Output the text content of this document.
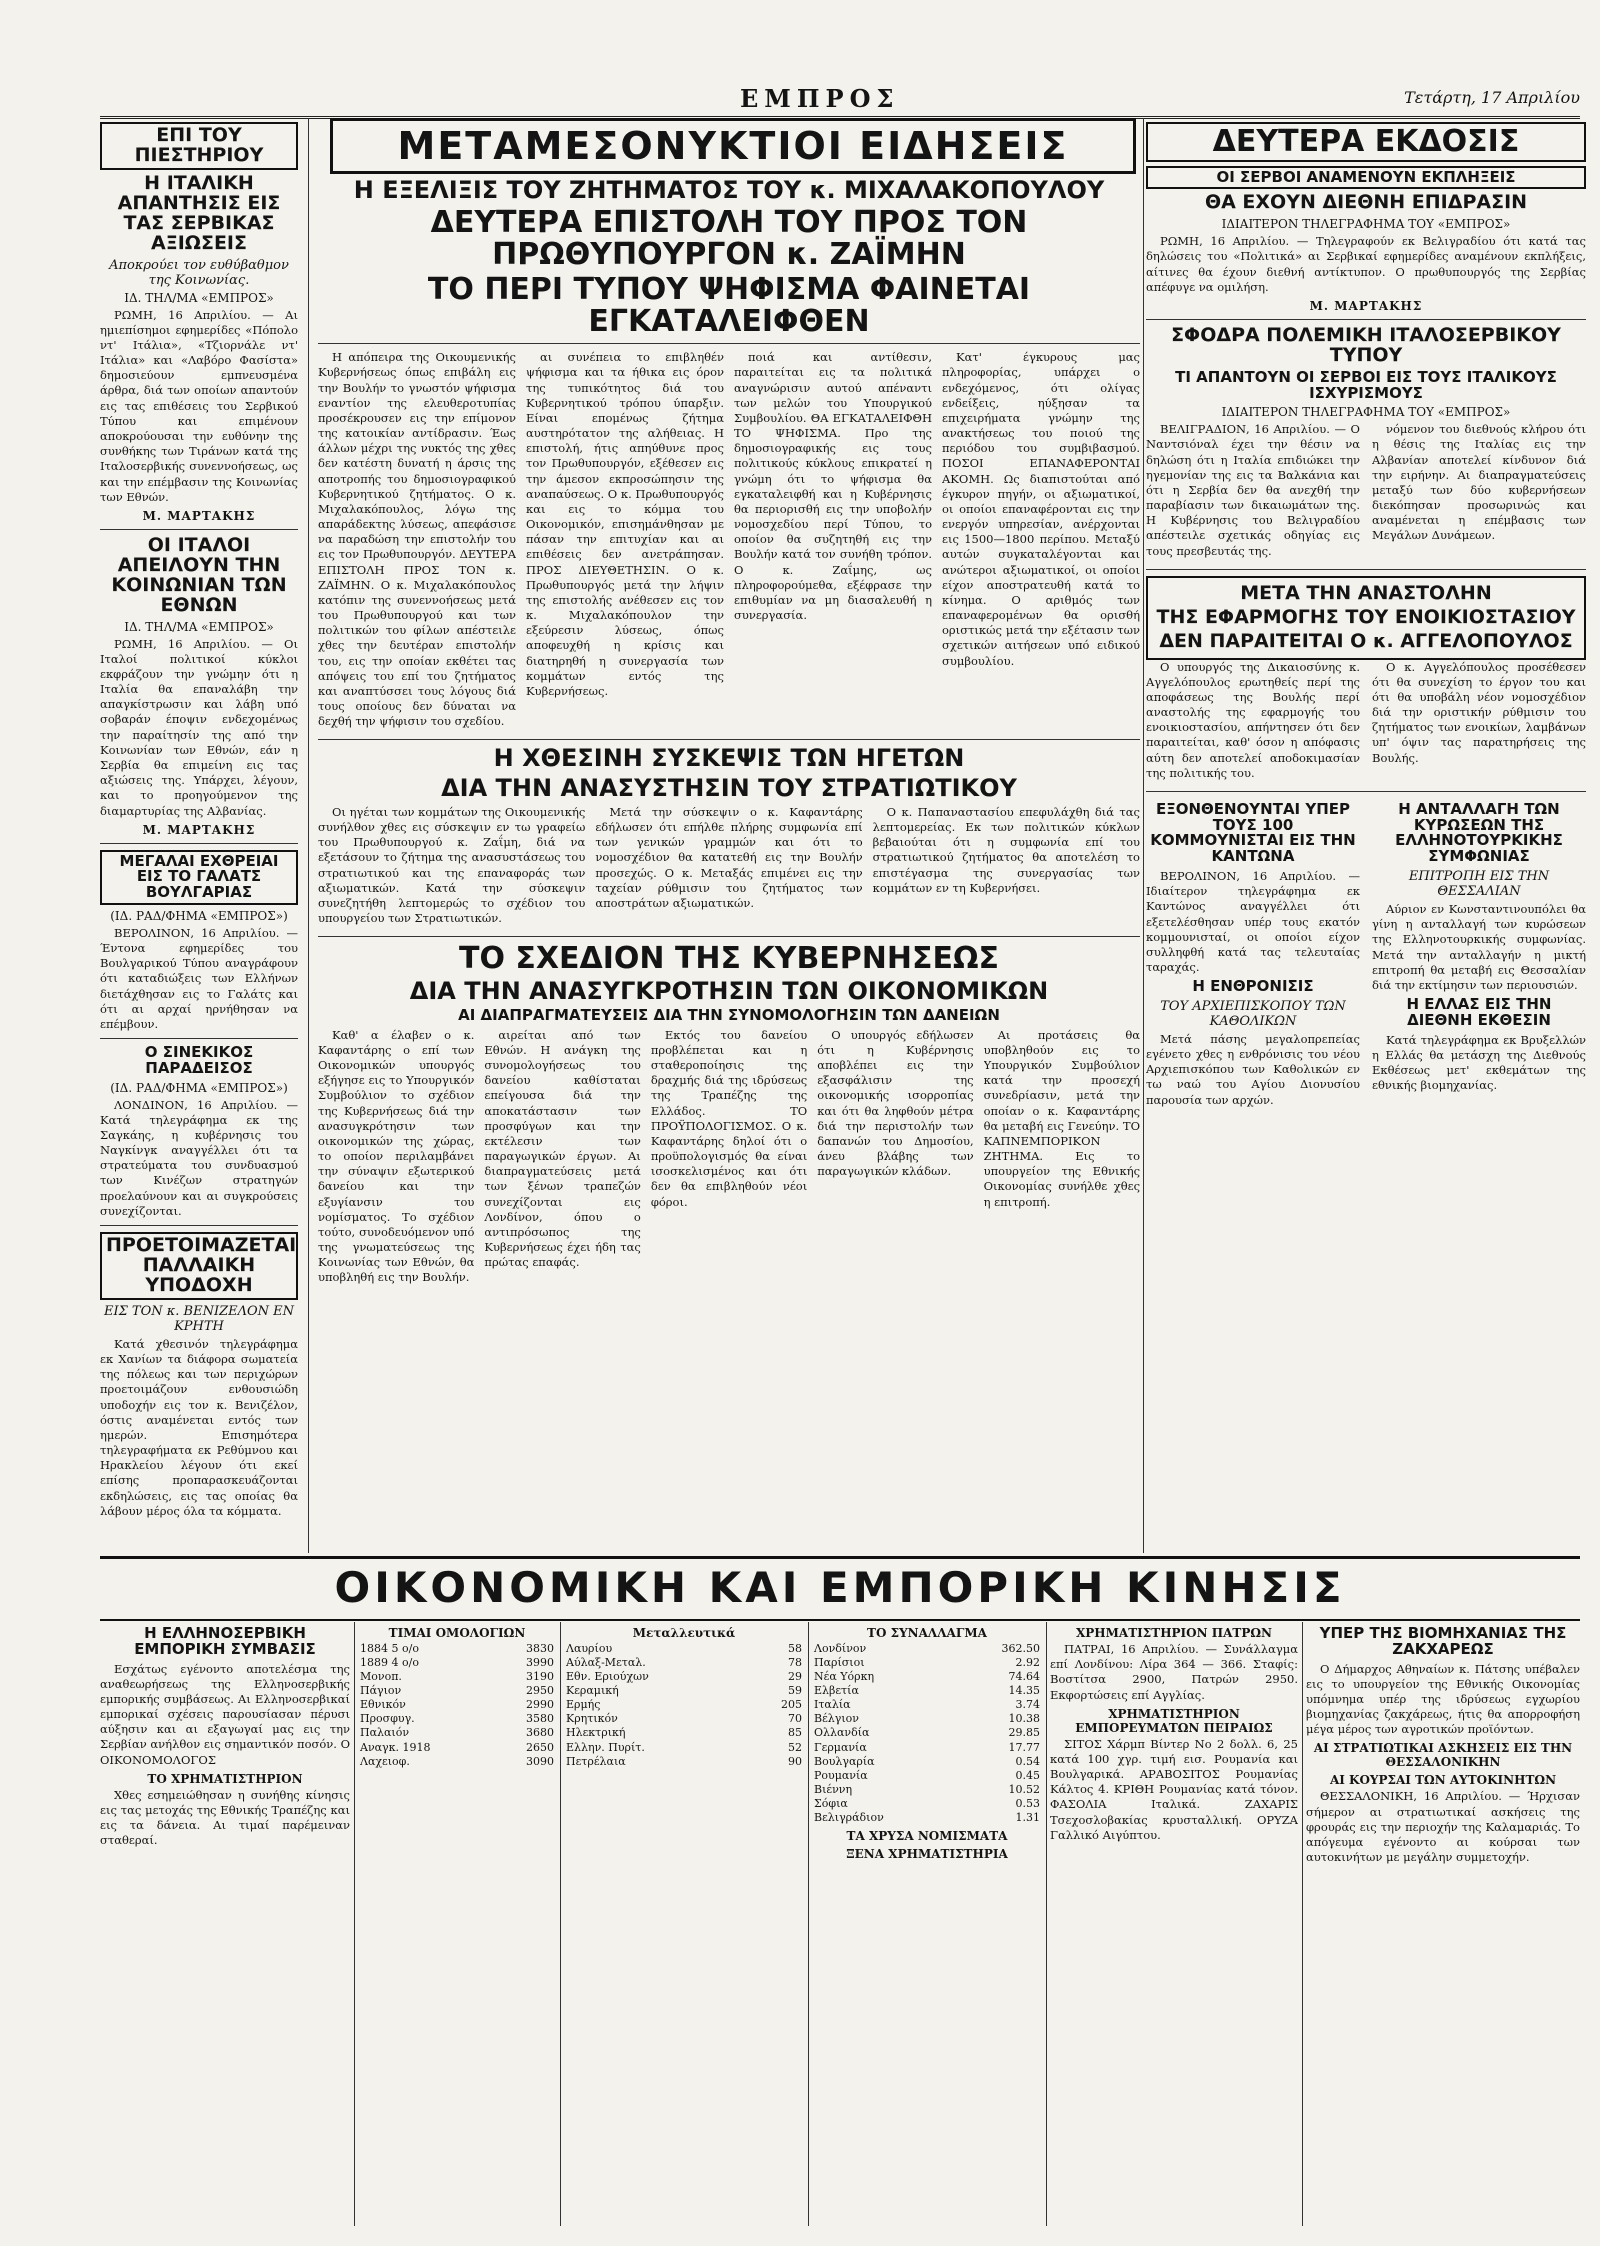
ΕΜΠΡΟΣ	Τετάρτη, 17 Απριλίου
ΕΠΙ ΤΟΥ ΠΙΕΣΤΗΡΙΟΥ
Η ΙΤΑΛΙΚΗ ΑΠΑΝΤΗΣΙΣ ΕΙΣ ΤΑΣ ΣΕΡΒΙΚΑΣ ΑΞΙΩΣΕΙΣ
Αποκρούει τον ευθύβαθμον της Κοινωνίας.
ΙΔ. ΤΗΛ/ΜΑ «ΕΜΠΡΟΣ»

ΡΩΜΗ, 16 Απριλίου. — Αι ημιεπίσημοι εφημερίδες «Πόπολο ντ' Ιτάλια», «Τζιορνάλε ντ' Ιτάλια» και «Λαβόρο Φασίστα» δημοσιεύουν εμπνευσμένα άρθρα, διά των οποίων απαντούν εις τας επιθέσεις του Σερβικού Τύπου και επιμένουν αποκρούουσαι την ευθύνην της συνθήκης των Τιράνων κατά της Ιταλοσερβικής συνεννοήσεως, ως και την επέμβασιν της Κοινωνίας των Εθνών.

Μ. ΜΑΡΤΑΚΗΣ
ΟΙ ΙΤΑΛΟΙ ΑΠΕΙΛΟΥΝ ΤΗΝ ΚΟΙΝΩΝΙΑΝ ΤΩΝ ΕΘΝΩΝ
ΙΔ. ΤΗΛ/ΜΑ «ΕΜΠΡΟΣ»

ΡΩΜΗ, 16 Απριλίου. — Οι Ιταλοί πολιτικοί κύκλοι εκφράζουν την γνώμην ότι η Ιταλία θα επαναλάβη την απαγκίστρωσιν και λάβη υπό σοβαράν έποψιν ενδεχομένως την παραίτησίν της από την Κοινωνίαν των Εθνών, εάν η Σερβία θα επιμείνη εις τας αξιώσεις της. Υπάρχει, λέγουν, και το προηγούμενον της διαμαρτυρίας της Αλβανίας.

Μ. ΜΑΡΤΑΚΗΣ
ΜΕΓΑΛΑΙ ΕΧΘΡΕΙΑΙ ΕΙΣ ΤΟ ΓΑΛΑΤΣ ΒΟΥΛΓΑΡΙΑΣ
(ΙΔ. ΡΑΔ/ΦΗΜΑ «ΕΜΠΡΟΣ»)

ΒΕΡΟΛΙΝΟΝ, 16 Απριλίου. — Έντονα εφημερίδες του Βουλγαρικού Τύπου αναγράφουν ότι καταδιώξεις των Ελλήνων διετάχθησαν εις το Γαλάτς και ότι αι αρχαί ηρνήθησαν να επέμβουν.

Ο ΣΙΝΕΚΙΚΟΣ ΠΑΡΑΔΕΙΣΟΣ
(ΙΔ. ΡΑΔ/ΦΗΜΑ «ΕΜΠΡΟΣ»)

ΛΟΝΔΙΝΟΝ, 16 Απριλίου. — Κατά τηλεγράφημα εκ της Σαγκάης, η κυβέρνησις του Ναγκίνγκ αναγγέλλει ότι τα στρατεύματα του συνδυασμού των Κινέζων στρατηγών προελαύνουν και αι συγκρούσεις συνεχίζονται.

ΠΡΟΕΤΟΙΜΑΖΕΤΑΙ ΠΑΛΛΑΙΚΗ ΥΠΟΔΟΧΗ
ΕΙΣ ΤΟΝ κ. ΒΕΝΙΖΕΛΟΝ ΕΝ ΚΡΗΤΗ

Κατά χθεσινόν τηλεγράφημα εκ Χανίων τα διάφορα σωματεία της πόλεως και των περιχώρων προετοιμάζουν ενθουσιώδη υποδοχήν εις τον κ. Βενιζέλον, όστις αναμένεται εντός των ημερών. Επισημότερα τηλεγραφήματα εκ Ρεθύμνου και Ηρακλείου λέγουν ότι εκεί επίσης προπαρασκευάζονται εκδηλώσεις, εις τας οποίας θα λάβουν μέρος όλα τα κόμματα.

Η ΕΞΕΛΙΞΙΣ ΤΟΥ ΖΗΤΗΜΑΤΟΣ ΤΟΥ κ. ΜΙΧΑΛΑΚΟΠΟΥΛΟΥ
ΔΕΥΤΕΡΑ ΕΠΙΣΤΟΛΗ ΤΟΥ ΠΡΟΣ ΤΟΝ ΠΡΩΘΥΠΟΥΡΓΟΝ κ. ΖΑΪΜΗΝ
ΤΟ ΠΕΡΙ ΤΥΠΟΥ ΨΗΦΙΣΜΑ ΦΑΙΝΕΤΑΙ ΕΓΚΑΤΑΛΕΙΦΘΕΝ

Η απόπειρα της Οικουμενικής Κυβερνήσεως όπως επιβάλη εις την Βουλήν το γνωστόν ψήφισμα εναντίον της ελευθεροτυπίας προσέκρουσεν εις την επίμονον της κατοικίαν αντίδρασιν. Έως άλλων μέχρι της νυκτός της χθες δεν κατέστη δυνατή η άρσις της αποτροπής του δημοσιογραφικού Κυβερνητικού ζητήματος. Ο κ. Μιχαλακόπουλος, λόγω της απαράδεκτης λύσεως, απεφάσισε να παραδώση την επιστολήν του εις τον Πρωθυπουργόν. ΔΕΥΤΕΡΑ ΕΠΙΣΤΟΛΗ ΠΡΟΣ ΤΟΝ κ. ΖΑΪΜΗΝ. Ο κ. Μιχαλακόπουλος κατόπιν της συνεννοήσεως μετά του Πρωθυπουργού και των πολιτικών του φίλων απέστειλε χθες την δευτέραν επιστολήν του, εις την οποίαν εκθέτει τας απόψεις του επί του ζητήματος και αναπτύσσει τους λόγους διά τους οποίους δεν δύναται να δεχθή την ψήφισιν του σχεδίου.

αι συνέπεια το επιβληθέν ψήφισμα και τα ήθικα εις όρον της τυπικότητος διά του Κυβερνητικού τρόπου ύπαρξιν. Είναι επομένως ζήτημα αυστηρότατον της αλήθειας. Η επιστολή, ήτις απηύθυνε προς τον Πρωθυπουργόν, εξέθεσεν εις την άμεσον εκπροσώπησιν της αναπαύσεως. Ο κ. Πρωθυπουργός και εις το κόμμα του Οικονομικόν, επισημάνθησαν με πάσαν την επιτυχίαν και αι επιθέσεις δεν ανετράπησαν. ΠΡΟΣ ΔΙΕΥΘΕΤΗΣΙΝ. Ο κ. Πρωθυπουργός μετά την λήψιν της επιστολής ανέθεσεν εις τον κ. Μιχαλακόπουλον την εξεύρεσιν λύσεως, όπως αποφευχθή η κρίσις και διατηρηθή η συνεργασία των κομμάτων εντός της Κυβερνήσεως.

ποιά και αντίθεσιν, παραιτείται εις τα πολιτικά αναγνώρισιν αυτού απέναντι των μελών του Υπουργικού Συμβουλίου. ΘΑ ΕΓΚΑΤΑΛΕΙΦΘΗ ΤΟ ΨΗΦΙΣΜΑ. Προ της δημοσιογραφικής εις τους πολιτικούς κύκλους επικρατεί η γνώμη ότι το ψήφισμα θα εγκαταλειφθή και η Κυβέρνησις θα περιορισθή εις την υποβολήν νομοσχεδίου περί Τύπου, το οποίον θα συζητηθή εις την Βουλήν κατά τον συνήθη τρόπον. Ο κ. Ζαΐμης, ως πληροφορούμεθα, εξέφρασε την επιθυμίαν να μη διασαλευθή η συνεργασία.

Κατ' έγκυρους μας πληροφορίας, υπάρχει ο ενδεχόμενος, ότι ολίγας ενδείξεις, ηύξησαν τα επιχειρήματα γνώμην της ανακτήσεως του ποιού της περιόδου του συμβιβασμού. ΠΟΣΟΙ ΕΠΑΝΑΦΕΡΟΝΤΑΙ ΑΚΟΜΗ. Ως διαπιστούται από έγκυρον πηγήν, οι αξιωματικοί, οι οποίοι επαναφέρονται εις την ενεργόν υπηρεσίαν, ανέρχονται εις 1500—1800 περίπου. Μεταξύ αυτών συγκαταλέγονται και ανώτεροι αξιωματικοί, οι οποίοι είχον αποστρατευθή κατά το κίνημα. Ο αριθμός των επαναφερομένων θα ορισθή οριστικώς μετά την εξέτασιν των σχετικών αιτήσεων υπό ειδικού συμβουλίου.

Η ΧΘΕΣΙΝΗ ΣΥΣΚΕΨΙΣ ΤΩΝ ΗΓΕΤΩΝ
ΔΙΑ ΤΗΝ ΑΝΑΣΥΣΤΗΣΙΝ ΤΟΥ ΣΤΡΑΤΙΩΤΙΚΟΥ

Οι ηγέται των κομμάτων της Οικουμενικής συνήλθον χθες εις σύσκεψιν εν τω γραφείω του Πρωθυπουργού κ. Ζαΐμη, διά να εξετάσουν το ζήτημα της ανασυστάσεως του στρατιωτικού και της επαναφοράς των αξιωματικών. Κατά την σύσκεψιν συνεζητήθη λεπτομερώς το σχέδιον του υπουργείου των Στρατιωτικών.

Μετά την σύσκεψιν ο κ. Καφαντάρης εδήλωσεν ότι επήλθε πλήρης συμφωνία επί των γενικών γραμμών και ότι το νομοσχέδιον θα κατατεθή εις την Βουλήν προσεχώς. Ο κ. Μεταξάς επιμένει εις την ταχείαν ρύθμισιν του ζητήματος των αποστράτων αξιωματικών.

Ο κ. Παπαναστασίου επεφυλάχθη διά τας λεπτομερείας. Εκ των πολιτικών κύκλων βεβαιούται ότι η συμφωνία επί του στρατιωτικού ζητήματος θα αποτελέση το επιστέγασμα της συνεργασίας των κομμάτων εν τη Κυβερνήσει.

ΤΟ ΣΧΕΔΙΟΝ ΤΗΣ ΚΥΒΕΡΝΗΣΕΩΣ
ΔΙΑ ΤΗΝ ΑΝΑΣΥΓΚΡΟΤΗΣΙΝ ΤΩΝ ΟΙΚΟΝΟΜΙΚΩΝ
ΑΙ ΔΙΑΠΡΑΓΜΑΤΕΥΣΕΙΣ ΔΙΑ ΤΗΝ ΣΥΝΟΜΟΛΟΓΗΣΙΝ ΤΩΝ ΔΑΝΕΙΩΝ

Καθ' α έλαβεν ο κ. Καφαντάρης ο επί των Οικονομικών υπουργός εξήγησε εις το Υπουργικόν Συμβούλιον το σχέδιον της Κυβερνήσεως διά την ανασυγκρότησιν των οικονομικών της χώρας, το οποίον περιλαμβάνει την σύναψιν εξωτερικού δανείου και την εξυγίανσιν του νομίσματος. Το σχέδιον τούτο, συνοδευόμενον υπό της γνωματεύσεως της Κοινωνίας των Εθνών, θα υποβληθή εις την Βουλήν.

αιρείται από των Εθνών. Η ανάγκη της συνομολογήσεως του δανείου καθίσταται επείγουσα διά την αποκατάστασιν των προσφύγων και την εκτέλεσιν των παραγωγικών έργων. Αι διαπραγματεύσεις μετά των ξένων τραπεζών συνεχίζονται εις Λονδίνον, όπου ο αντιπρόσωπος της Κυβερνήσεως έχει ήδη τας πρώτας επαφάς.

Εκτός του δανείου προβλέπεται και η σταθεροποίησις της δραχμής διά της ιδρύσεως της Τραπέζης της Ελλάδος. ΤΟ ΠΡΟΫΠΟΛΟΓΙΣΜΟΣ. Ο κ. Καφαντάρης δηλοί ότι ο προϋπολογισμός θα είναι ισοσκελισμένος και ότι δεν θα επιβληθούν νέοι φόροι.

Ο υπουργός εδήλωσεν ότι η Κυβέρνησις αποβλέπει εις την εξασφάλισιν της οικονομικής ισορροπίας και ότι θα ληφθούν μέτρα διά την περιστολήν των δαπανών του Δημοσίου, άνευ βλάβης των παραγωγικών κλάδων.

Αι προτάσεις θα υποβληθούν εις το Υπουργικόν Συμβούλιον κατά την προσεχή συνεδρίασιν, μετά την οποίαν ο κ. Καφαντάρης θα μεταβή εις Γενεύην. ΤΟ ΚΑΠΝΕΜΠΟΡΙΚΟΝ ΖΗΤΗΜΑ. Εις το υπουργείον της Εθνικής Οικονομίας συνήλθε χθες η επιτροπή.

ΜΕΤΑΜΕΣΟΝΥΚΤΙΟΙ ΕΙΔΗΣΕΙΣ	ΔΕΥΤΕΡΑ ΕΚΔΟΣΙΣ
ΟΙ ΣΕΡΒΟΙ ΑΝΑΜΕΝΟΥΝ ΕΚΠΛΗΞΕΙΣ
ΘΑ ΕΧΟΥΝ ΔΙΕΘΝΗ ΕΠΙΔΡΑΣΙΝ
ΙΔΙΑΙΤΕΡΟΝ ΤΗΛΕΓΡΑΦΗΜΑ ΤΟΥ «ΕΜΠΡΟΣ»

ΡΩΜΗ, 16 Απριλίου. — Τηλεγραφούν εκ Βελιγραδίου ότι κατά τας δηλώσεις του «Πολιτικά» αι Σερβικαί εφημερίδες αναμένουν εκπλήξεις, αίτινες θα έχουν διεθνή αντίκτυπον. Ο πρωθυπουργός της Σερβίας απέφυγε να ομιλήση.

Μ. ΜΑΡΤΑΚΗΣ
ΣΦΟΔΡΑ ΠΟΛΕΜΙΚΗ ΙΤΑΛΟΣΕΡΒΙΚΟΥ ΤΥΠΟΥ
ΤΙ ΑΠΑΝΤΟΥΝ ΟΙ ΣΕΡΒΟΙ ΕΙΣ ΤΟΥΣ ΙΤΑΛΙΚΟΥΣ ΙΣΧΥΡΙΣΜΟΥΣ
ΙΔΙΑΙΤΕΡΟΝ ΤΗΛΕΓΡΑΦΗΜΑ ΤΟΥ «ΕΜΠΡΟΣ»

ΒΕΛΙΓΡΑΔΙΟΝ, 16 Απριλίου. — Ο Ναντσιόναλ έχει την θέσιν να δηλώση ότι η Ιταλία επιδιώκει την ηγεμονίαν της εις τα Βαλκάνια και ότι η Σερβία δεν θα ανεχθή την παραβίασιν των δικαιωμάτων της. Η Κυβέρνησις του Βελιγραδίου απέστειλε σχετικάς οδηγίας εις τους πρεσβευτάς της.

νόμενον του διεθνούς κλήρου ότι η θέσις της Ιταλίας εις την Αλβανίαν αποτελεί κίνδυνον διά την ειρήνην. Αι διαπραγματεύσεις μεταξύ των δύο κυβερνήσεων διεκόπησαν προσωρινώς και αναμένεται η επέμβασις των Μεγάλων Δυνάμεων.

ΜΕΤΑ ΤΗΝ ΑΝΑΣΤΟΛΗΝ
ΤΗΣ ΕΦΑΡΜΟΓΗΣ ΤΟΥ ΕΝΟΙΚΙΟΣΤΑΣΙΟΥ
ΔΕΝ ΠΑΡΑΙΤΕΙΤΑΙ Ο κ. ΑΓΓΕΛΟΠΟΥΛΟΣ

Ο υπουργός της Δικαιοσύνης κ. Αγγελόπουλος ερωτηθείς περί της αποφάσεως της Βουλής περί αναστολής της εφαρμογής του ενοικιοστασίου, απήντησεν ότι δεν παραιτείται, καθ' όσον η απόφασις αύτη δεν αποτελεί αποδοκιμασίαν της πολιτικής του.

Ο κ. Αγγελόπουλος προσέθεσεν ότι θα συνεχίση το έργον του και ότι θα υποβάλη νέον νομοσχέδιον διά την οριστικήν ρύθμισιν του ζητήματος των ενοικίων, λαμβάνων υπ' όψιν τας παρατηρήσεις της Βουλής.

ΕΞΟΝΘΕΝΟΥΝΤΑΙ ΥΠΕΡ ΤΟΥΣ 100 ΚΟΜΜΟΥΝΙΣΤΑΙ ΕΙΣ ΤΗΝ ΚΑΝΤΩΝΑ

ΒΕΡΟΛΙΝΟΝ, 16 Απριλίου. — Ιδιαίτερον τηλεγράφημα εκ Καντώνος αναγγέλλει ότι εξετελέσθησαν υπέρ τους εκατόν κομμουνισταί, οι οποίοι είχον συλληφθή κατά τας τελευταίας ταραχάς.

Η ΕΝΘΡΟΝΙΣΙΣ
ΤΟΥ ΑΡΧΙΕΠΙΣΚΟΠΟΥ ΤΩΝ ΚΑΘΟΛΙΚΩΝ

Μετά πάσης μεγαλοπρεπείας εγένετο χθες η ενθρόνισις του νέου Αρχιεπισκόπου των Καθολικών εν τω ναώ του Αγίου Διονυσίου παρουσία των αρχών.

Η ΑΝΤΑΛΛΑΓΗ ΤΩΝ ΚΥΡΩΣΕΩΝ ΤΗΣ ΕΛΛΗΝΟΤΟΥΡΚΙΚΗΣ ΣΥΜΦΩΝΙΑΣ
ΕΠΙΤΡΟΠΗ ΕΙΣ ΤΗΝ ΘΕΣΣΑΛΙΑΝ

Αύριον εν Κωνσταντινουπόλει θα γίνη η ανταλλαγή των κυρώσεων της Ελληνοτουρκικής συμφωνίας. Μετά την ανταλλαγήν η μικτή επιτροπή θα μεταβή εις Θεσσαλίαν διά την εκτίμησιν των περιουσιών.

Η ΕΛΛΑΣ ΕΙΣ ΤΗΝ ΔΙΕΘΝΗ ΕΚΘΕΣΙΝ

Κατά τηλεγράφημα εκ Βρυξελλών η Ελλάς θα μετάσχη της Διεθνούς Εκθέσεως μετ' εκθεμάτων της εθνικής βιομηχανίας.

ΟΙΚΟΝΟΜΙΚΗ ΚΑΙ ΕΜΠΟΡΙΚΗ ΚΙΝΗΣΙΣ
Η ΕΛΛΗΝΟΣΕΡΒΙΚΗ ΕΜΠΟΡΙΚΗ ΣΥΜΒΑΣΙΣ

Εσχάτως εγένοντο αποτελέσμα της αναθεωρήσεως της Ελληνοσερβικής εμπορικής συμβάσεως. Αι Ελληνοσερβικαί εμπορικαί σχέσεις παρουσίασαν πέρυσι αύξησιν και αι εξαγωγαί μας εις την Σερβίαν ανήλθον εις σημαντικόν ποσόν. Ο ΟΙΚΟΝΟΜΟΛΟΓΟΣ

ΤΟ ΧΡΗΜΑΤΙΣΤΗΡΙΟΝ

Χθες εσημειώθησαν η συνήθης κίνησις εις τας μετοχάς της Εθνικής Τραπέζης και εις τα δάνεια. Αι τιμαί παρέμειναν σταθεραί.

ΤΙΜΑΙ ΟΜΟΛΟΓΙΩΝ
1884 5 ο/ο	3830
1889 4 ο/ο	3990
Μονοπ.	3190
Πάγιον	2950
Εθνικόν	2990
Προσφυγ.	3580
Παλαιόν	3680
Αναγκ. 1918	2650
Λαχειοφ.	3090
Μεταλλευτικά
Λαυρίου	58
Αύλαξ-Μεταλ.	78
Εθν. Εριούχων	29
Κεραμική	59
Ερμής	205
Κρητικόν	70
Ηλεκτρική	85
Ελλην. Πυρίτ.	52
Πετρέλαια	90
ΤΟ ΣΥΝΑΛΛΑΓΜΑ
Λονδίνον	362.50
Παρίσιοι	2.92
Νέα Υόρκη	74.64
Ελβετία	14.35
Ιταλία	3.74
Βέλγιον	10.38
Ολλανδία	29.85
Γερμανία	17.77
Βουλγαρία	0.54
Ρουμανία	0.45
Βιέννη	10.52
Σόφια	0.53
Βελιγράδιον	1.31
ΤΑ ΧΡΥΣΑ ΝΟΜΙΣΜΑΤΑ
ΞΕΝΑ ΧΡΗΜΑΤΙΣΤΗΡΙΑ
ΧΡΗΜΑΤΙΣΤΗΡΙΟΝ ΠΑΤΡΩΝ

ΠΑΤΡΑΙ, 16 Απριλίου. — Συνάλλαγμα επί Λονδίνου: Λίρα 364 — 366. Σταφίς: Βοστίτσα 2900, Πατρών 2950. Εκφορτώσεις επί Αγγλίας.

ΧΡΗΜΑΤΙΣΤΗΡΙΟΝ ΕΜΠΟΡΕΥΜΑΤΩΝ ΠΕΙΡΑΙΩΣ

ΣΙΤΟΣ Χάρμπ Βίντερ Νο 2 δολλ. 6, 25 κατά 100 χγρ. τιμή εισ. Ρουμανία και Βουλγαρικά. ΑΡΑΒΟΣΙΤΟΣ Ρουμανίας Κάλτος 4. ΚΡΙΘΗ Ρουμανίας κατά τόνον. ΦΑΣΟΛΙΑ Ιταλικά. ΖΑΧΑΡΙΣ Τσεχοσλοβακίας κρυσταλλική. ΟΡΥΖΑ Γαλλικό Αιγύπτου.

ΥΠΕΡ ΤΗΣ ΒΙΟΜΗΧΑΝΙΑΣ ΤΗΣ ΖΑΚΧΑΡΕΩΣ

Ο Δήμαρχος Αθηναίων κ. Πάτσης υπέβαλεν εις το υπουργείον της Εθνικής Οικονομίας υπόμνημα υπέρ της ιδρύσεως εγχωρίου βιομηχανίας ζακχάρεως, ήτις θα απορροφήση μέγα μέρος των αγροτικών προϊόντων.

ΑΙ ΣΤΡΑΤΙΩΤΙΚΑΙ ΑΣΚΗΣΕΙΣ ΕΙΣ ΤΗΝ ΘΕΣΣΑΛΟΝΙΚΗΝ
ΑΙ ΚΟΥΡΣΑΙ ΤΩΝ ΑΥΤΟΚΙΝΗΤΩΝ

ΘΕΣΣΑΛΟΝΙΚΗ, 16 Απριλίου. — Ήρχισαν σήμερον αι στρατιωτικαί ασκήσεις της φρουράς εις την περιοχήν της Καλαμαριάς. Το απόγευμα εγένοντο αι κούρσαι των αυτοκινήτων με μεγάλην συμμετοχήν.
